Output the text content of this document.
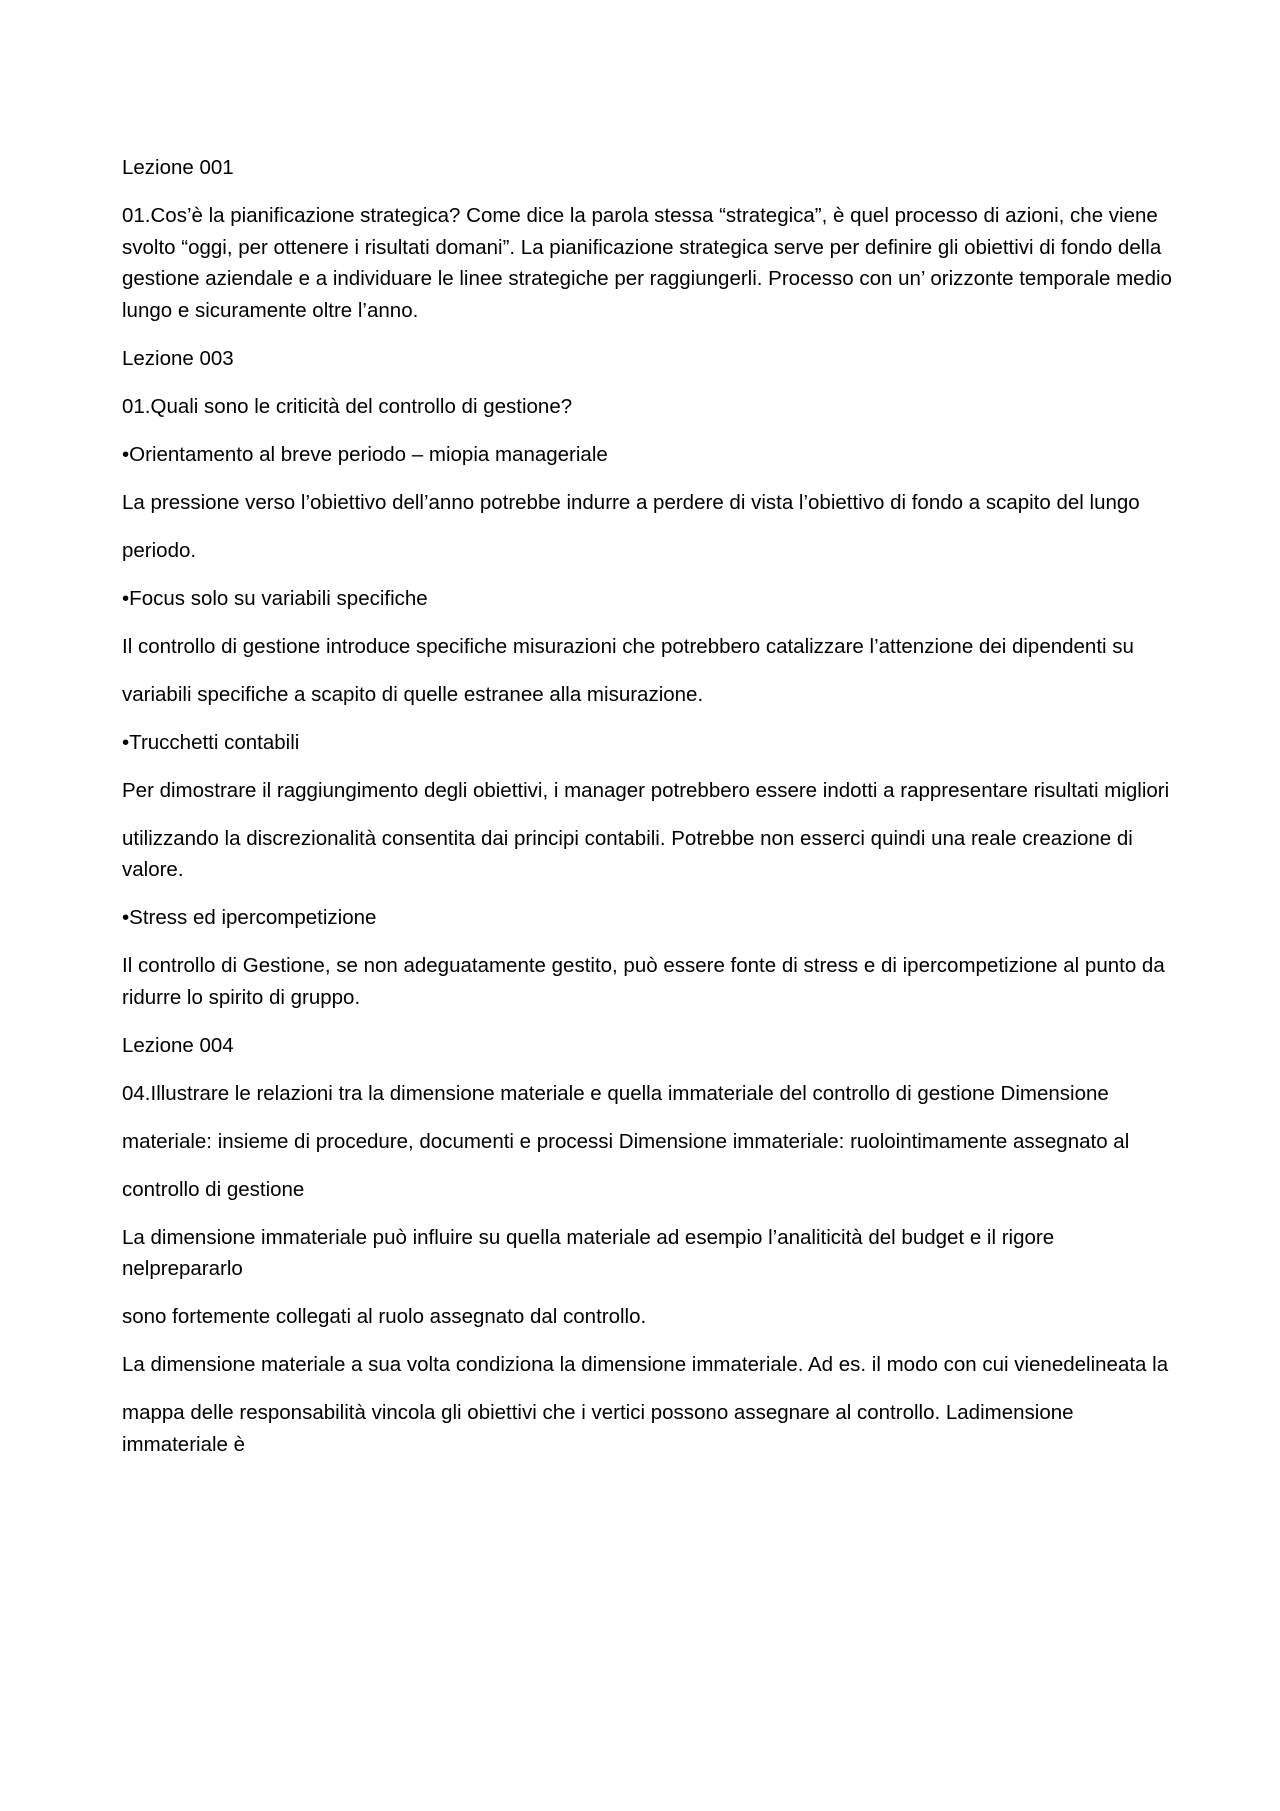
Lezione 001

01.Cos’è la pianificazione strategica? Come dice la parola stessa “strategica”, è quel processo di azioni, che viene svolto “oggi, per ottenere i risultati domani”. La pianificazione strategica serve per definire gli obiettivi di fondo della gestione aziendale e a individuare le linee strategiche per raggiungerli. Processo con un’ orizzonte temporale medio lungo e sicuramente oltre l’anno.

Lezione 003

01.Quali sono le criticità del controllo di gestione?

•Orientamento al breve periodo – miopia manageriale

La pressione verso l’obiettivo dell’anno potrebbe indurre a perdere di vista l’obiettivo di fondo a scapito del lungo

periodo.

•Focus solo su variabili specifiche

Il controllo di gestione introduce specifiche misurazioni che potrebbero catalizzare l’attenzione dei dipendenti su

variabili specifiche a scapito di quelle estranee alla misurazione.

•Trucchetti contabili

Per dimostrare il raggiungimento degli obiettivi, i manager potrebbero essere indotti a rappresentare risultati migliori

utilizzando la discrezionalità consentita dai principi contabili. Potrebbe non esserci quindi una reale creazione di valore.

•Stress ed ipercompetizione

Il controllo di Gestione, se non adeguatamente gestito, può essere fonte di stress e di ipercompetizione al punto da ridurre lo spirito di gruppo.

Lezione 004

04.Illustrare le relazioni tra la dimensione materiale e quella immateriale del controllo di gestione Dimensione

materiale: insieme di procedure, documenti e processi Dimensione immateriale: ruolointimamente assegnato al

controllo di gestione

La dimensione immateriale può influire su quella materiale ad esempio l’analiticità del budget e il rigore nelprepararlo

sono fortemente collegati al ruolo assegnato dal controllo.

La dimensione materiale a sua volta condiziona la dimensione immateriale. Ad es. il modo con cui vienedelineata la

mappa delle responsabilità vincola gli obiettivi che i vertici possono assegnare al controllo. Ladimensione immateriale è
